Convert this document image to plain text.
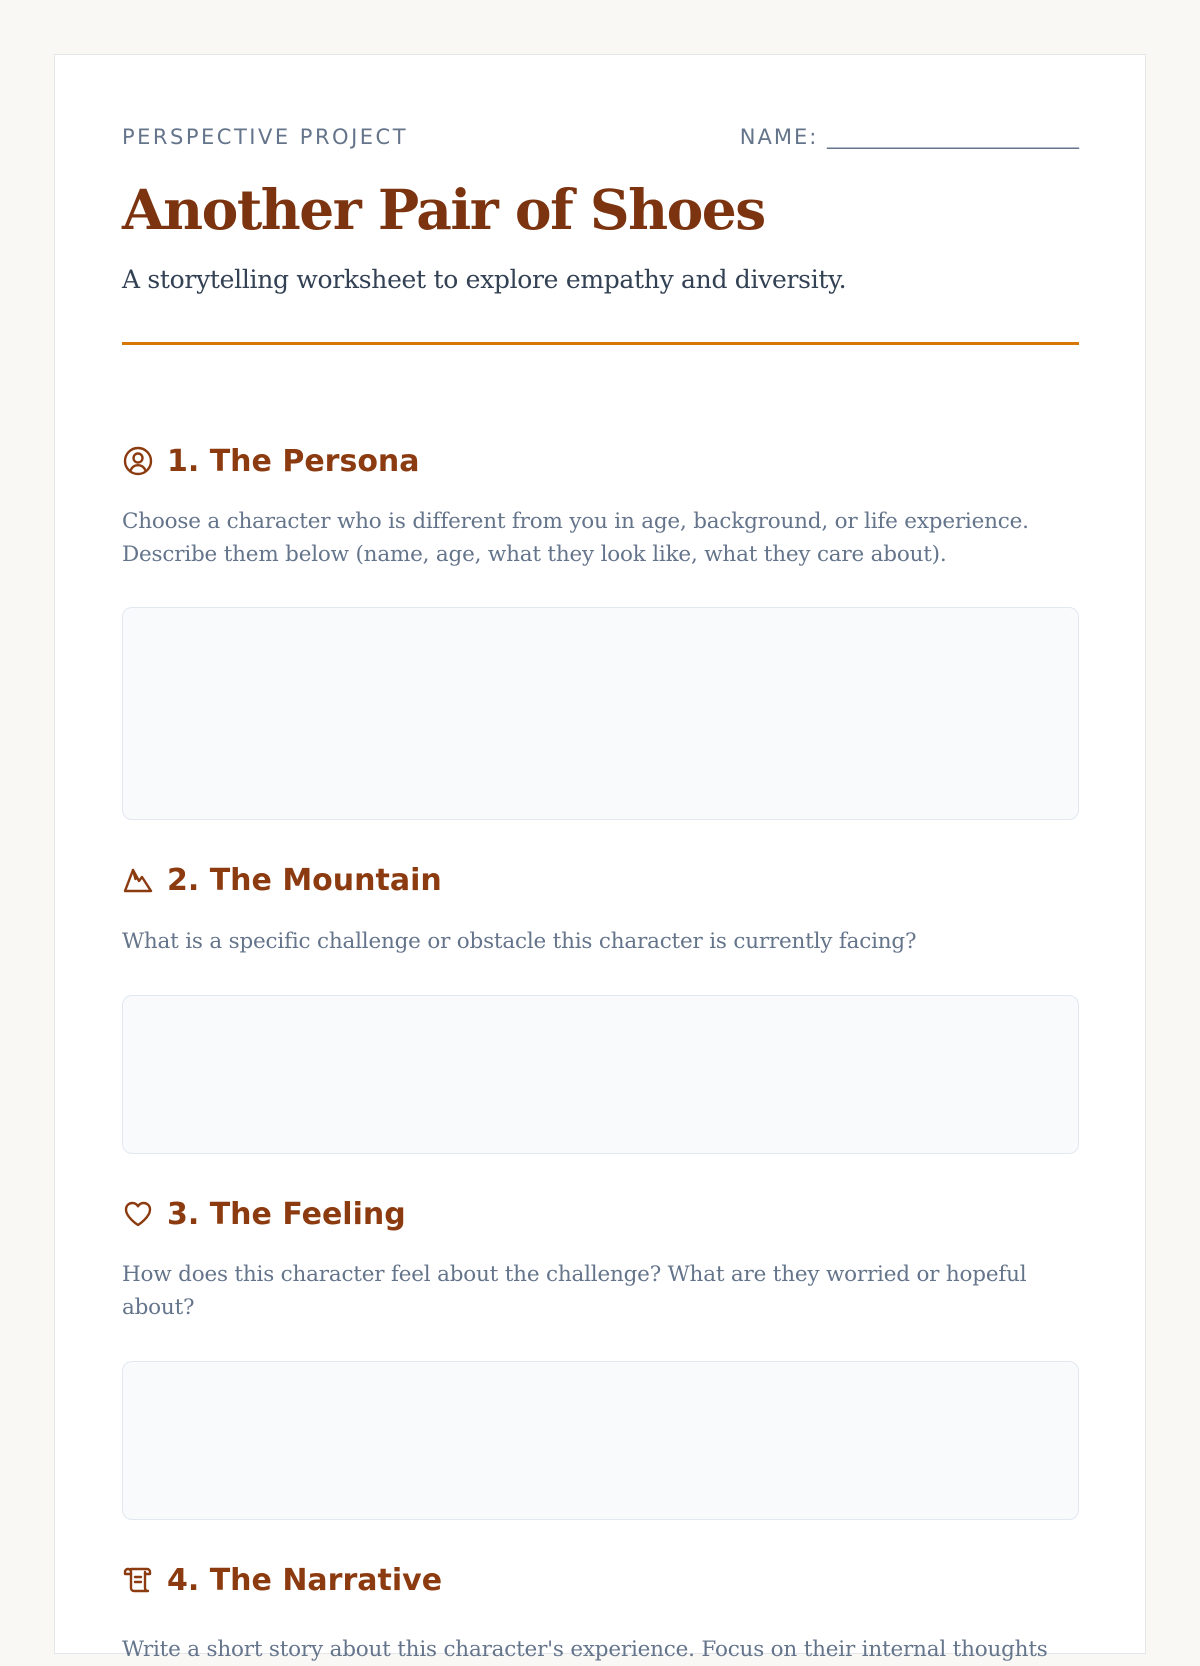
PERSPECTIVE PROJECT	NAME: ________________________
Another Pair of Shoes
A storytelling worksheet to explore empathy and diversity.
1. The Persona
Choose a character who is different from you in age, background, or life experience. Describe them below (name, age, what they look like, what they care about).
2. The Mountain
What is a specific challenge or obstacle this character is currently facing?
3. The Feeling
How does this character feel about the challenge? What are they worried or hopeful about?
4. The Narrative
Write a short story about this character's experience. Focus on their internal thoughts
